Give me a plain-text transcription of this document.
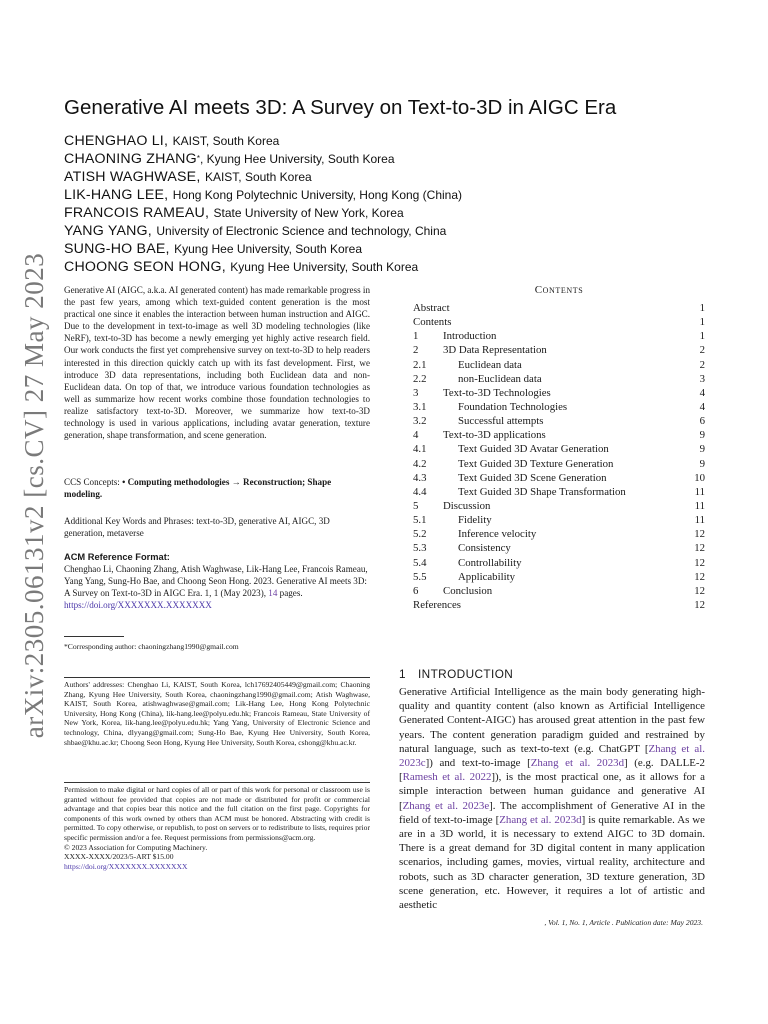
arXiv:2305.06131v2 [cs.CV] 27 May 2023
Generative AI meets 3D: A Survey on Text-to-3D in AIGC Era
CHENGHAO LI, KAIST, South Korea
CHAONING ZHANG*, Kyung Hee University, South Korea
ATISH WAGHWASE, KAIST, South Korea
LIK-HANG LEE, Hong Kong Polytechnic University, Hong Kong (China)
FRANCOIS RAMEAU, State University of New York, Korea
YANG YANG, University of Electronic Science and technology, China
SUNG-HO BAE, Kyung Hee University, South Korea
CHOONG SEON HONG, Kyung Hee University, South Korea
Generative AI (AIGC, a.k.a. AI generated content) has made remarkable progress in the past few years, among which text-guided content generation is the most practical one since it enables the interaction between human instruction and AIGC. Due to the development in text-to-image as well 3D modeling technologies (like NeRF), text-to-3D has become a newly emerging yet highly active research field. Our work conducts the first yet comprehensive survey on text-to-3D to help readers interested in this direction quickly catch up with its fast development. First, we introduce 3D data representations, including both Euclidean data and non-Euclidean data. On top of that, we introduce various foundation technologies as well as summarize how recent works combine those foundation technologies to realize satisfactory text-to-3D. Moreover, we summarize how text-to-3D technology is used in various applications, including avatar generation, texture generation, shape transformation, and scene generation.
CCS Concepts: • Computing methodologies → Reconstruction; Shape modeling.
Additional Key Words and Phrases: text-to-3D, generative AI, AIGC, 3D generation, metaverse
ACM Reference Format:
Chenghao Li, Chaoning Zhang, Atish Waghwase, Lik-Hang Lee, Francois Rameau, Yang Yang, Sung-Ho Bae, and Choong Seon Hong. 2023. Generative AI meets 3D: A Survey on Text-to-3D in AIGC Era. 1, 1 (May 2023), 14 pages.
https://doi.org/XXXXXXX.XXXXXXX
*Corresponding author: chaoningzhang1990@gmail.com
Authors' addresses: Chenghao Li, KAIST, South Korea, lch17692405449@gmail.com; Chaoning Zhang, Kyung Hee University, South Korea, chaoningzhang1990@gmail.com; Atish Waghwase, KAIST, South Korea, atishwaghwase@gmail.com; Lik-Hang Lee, Hong Kong Polytechnic University, Hong Kong (China), lik-hang.lee@polyu.edu.hk; Francois Rameau, State University of New York, Korea, lik-hang.lee@polyu.edu.hk; Yang Yang, University of Electronic Science and technology, China, dlyyang@gmail.com; Sung-Ho Bae, Kyung Hee University, South Korea, shbae@khu.ac.kr; Choong Seon Hong, Kyung Hee University, South Korea, cshong@khu.ac.kr.
Permission to make digital or hard copies of all or part of this work for personal or classroom use is granted without fee provided that copies are not made or distributed for profit or commercial advantage and that copies bear this notice and the full citation on the first page. Copyrights for components of this work owned by others than ACM must be honored. Abstracting with credit is permitted. To copy otherwise, or republish, to post on servers or to redistribute to lists, requires prior specific permission and/or a fee. Request permissions from permissions@acm.org.
© 2023 Association for Computing Machinery.
XXXX-XXXX/2023/5-ART $15.00
https://doi.org/XXXXXXX.XXXXXXX
Contents
Abstract	1
Contents	1
1	Introduction	1
2	3D Data Representation	2
2.1	Euclidean data	2
2.2	non-Euclidean data	3
3	Text-to-3D Technologies	4
3.1	Foundation Technologies	4
3.2	Successful attempts	6
4	Text-to-3D applications	9
4.1	Text Guided 3D Avatar Generation	9
4.2	Text Guided 3D Texture Generation	9
4.3	Text Guided 3D Scene Generation	10
4.4	Text Guided 3D Shape Transformation	11
5	Discussion	11
5.1	Fidelity	11
5.2	Inference velocity	12
5.3	Consistency	12
5.4	Controllability	12
5.5	Applicability	12
6	Conclusion	12
References	12
1 INTRODUCTION
Generative Artificial Intelligence as the main body generating high-quality and quantity content (also known as Artificial Intelligence Generated Content-AIGC) has aroused great attention in the past few years. The content generation paradigm guided and restrained by natural language, such as text-to-text (e.g. ChatGPT [Zhang et al. 2023c]) and text-to-image [Zhang et al. 2023d] (e.g. DALLE-2 [Ramesh et al. 2022]), is the most practical one, as it allows for a simple interaction between human guidance and generative AI [Zhang et al. 2023e]. The accomplishment of Generative AI in the field of text-to-image [Zhang et al. 2023d] is quite remarkable. As we are in a 3D world, it is necessary to extend AIGC to 3D domain. There is a great demand for 3D digital content in many application scenarios, including games, movies, virtual reality, architecture and robots, such as 3D character generation, 3D texture generation, 3D scene generation, etc. However, it requires a lot of artistic and aesthetic
, Vol. 1, No. 1, Article . Publication date: May 2023.
